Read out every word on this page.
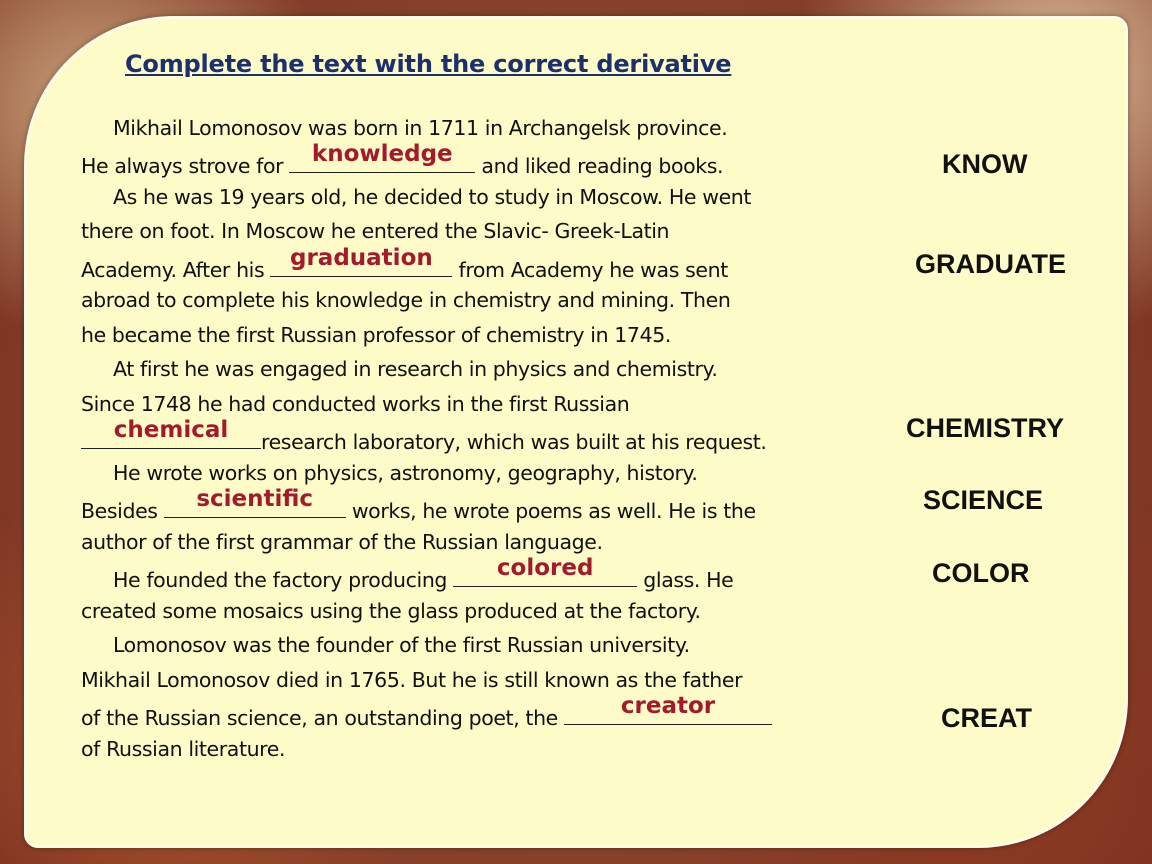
Complete the text with the correct derivative
Mikhail Lomonosov was born in 1711 in Archangelsk province.
He always strove for	knowledge	and liked reading books.
As he was 19 years old, he decided to study in Moscow. He went
there on foot. In Moscow he entered the Slavic- Greek-Latin
Academy. After his	graduation	from Academy he was sent
abroad to complete his knowledge in chemistry and mining. Then
he became the first Russian professor of chemistry in 1745.
At first he was engaged in research in physics and chemistry.
Since 1748 he had conducted works in the first Russian
chemical	research laboratory, which was built at his request.
He wrote works on physics, astronomy, geography, history.
Besides	scientific	works, he wrote poems as well. He is the
author of the first grammar of the Russian language.
He founded the factory producing	colored	glass. He
created some mosaics using the glass produced at the factory.
Lomonosov was the founder of the first Russian university.
Mikhail Lomonosov died in 1765. But he is still known as the father
of the Russian science, an outstanding poet, the	creator
of Russian literature.
KNOW
GRADUATE
CHEMISTRY
SCIENCE
COLOR
CREAT
